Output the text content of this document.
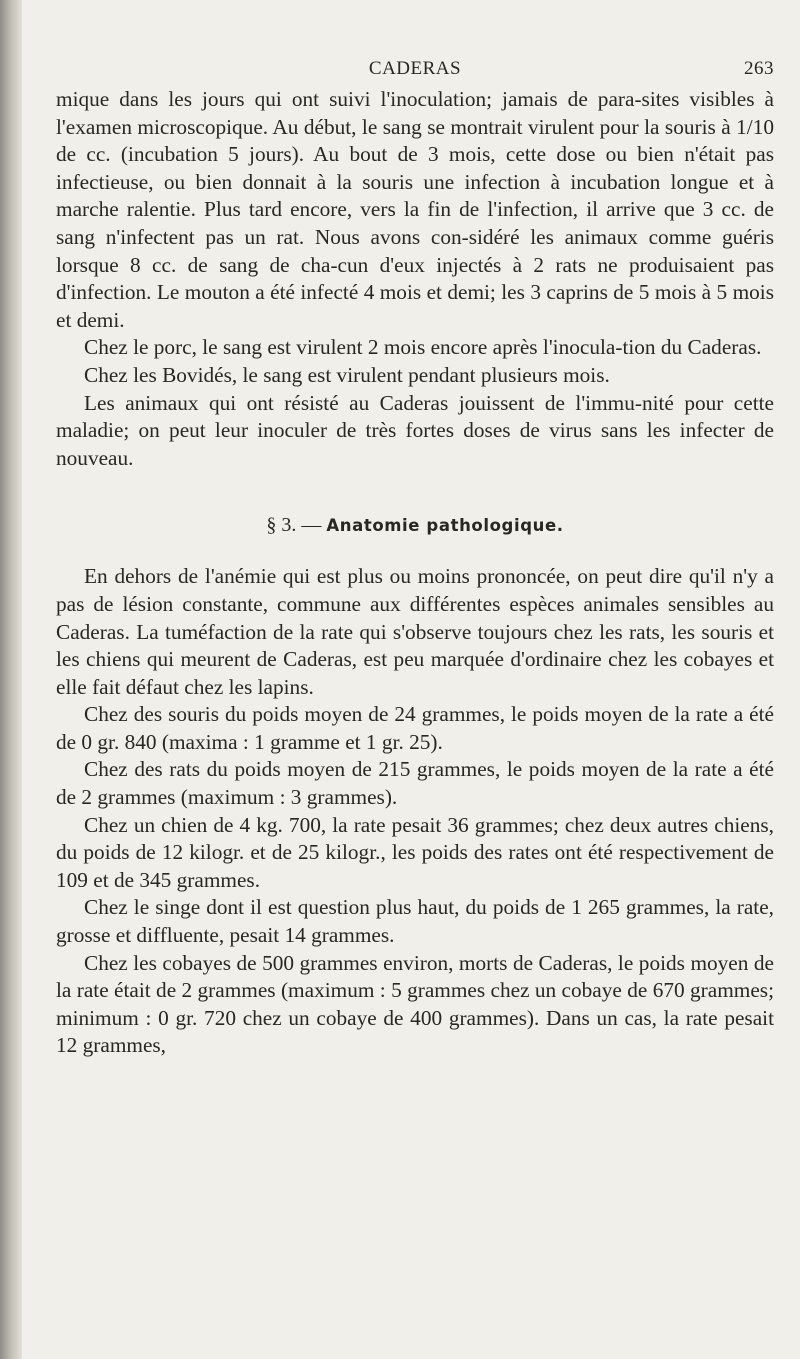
CADERAS	263

mique dans les jours qui ont suivi l'inoculation; jamais de para-sites visibles à l'examen microscopique. Au début, le sang se montrait virulent pour la souris à 1/10 de cc. (incubation 5 jours). Au bout de 3 mois, cette dose ou bien n'était pas infectieuse, ou bien donnait à la souris une infection à incubation longue et à marche ralentie. Plus tard encore, vers la fin de l'infection, il arrive que 3 cc. de sang n'infectent pas un rat. Nous avons con-sidéré les animaux comme guéris lorsque 8 cc. de sang de cha-cun d'eux injectés à 2 rats ne produisaient pas d'infection. Le mouton a été infecté 4 mois et demi; les 3 caprins de 5 mois à 5 mois et demi.

Chez le porc, le sang est virulent 2 mois encore après l'inocula-tion du Caderas.

Chez les Bovidés, le sang est virulent pendant plusieurs mois.

Les animaux qui ont résisté au Caderas jouissent de l'immu-nité pour cette maladie; on peut leur inoculer de très fortes doses de virus sans les infecter de nouveau.

§ 3. — Anatomie pathologique.

En dehors de l'anémie qui est plus ou moins prononcée, on peut dire qu'il n'y a pas de lésion constante, commune aux différentes espèces animales sensibles au Caderas. La tuméfaction de la rate qui s'observe toujours chez les rats, les souris et les chiens qui meurent de Caderas, est peu marquée d'ordinaire chez les cobayes et elle fait défaut chez les lapins.

Chez des souris du poids moyen de 24 grammes, le poids moyen de la rate a été de 0 gr. 840 (maxima : 1 gramme et 1 gr. 25).

Chez des rats du poids moyen de 215 grammes, le poids moyen de la rate a été de 2 grammes (maximum : 3 grammes).

Chez un chien de 4 kg. 700, la rate pesait 36 grammes; chez deux autres chiens, du poids de 12 kilogr. et de 25 kilogr., les poids des rates ont été respectivement de 109 et de 345 grammes.

Chez le singe dont il est question plus haut, du poids de 1 265 grammes, la rate, grosse et diffluente, pesait 14 grammes.

Chez les cobayes de 500 grammes environ, morts de Caderas, le poids moyen de la rate était de 2 grammes (maximum : 5 grammes chez un cobaye de 670 grammes; minimum : 0 gr. 720 chez un cobaye de 400 grammes). Dans un cas, la rate pesait 12 grammes,
